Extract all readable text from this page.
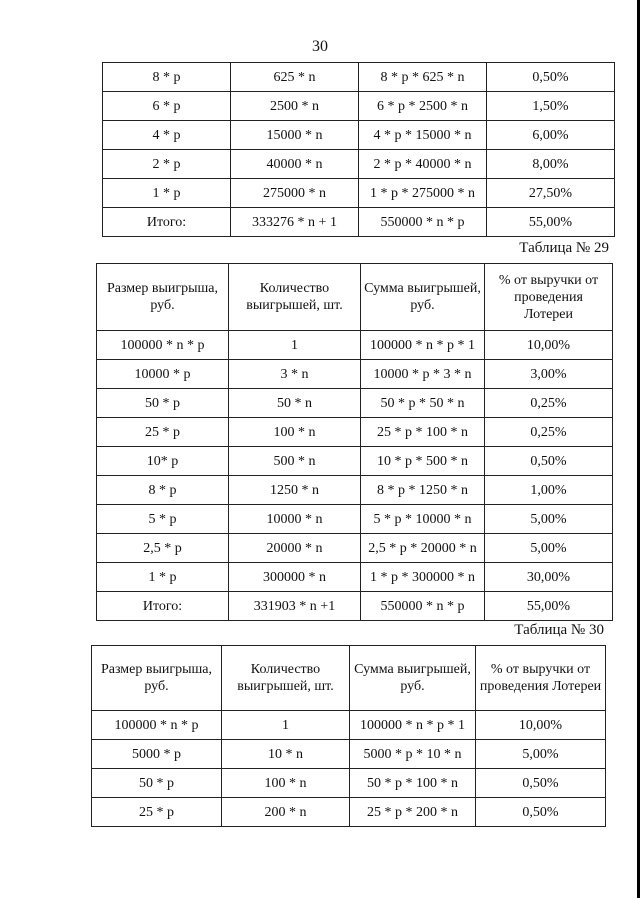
30
8 * p	625 * n	8 * p * 625 * n	0,50%
6 * p	2500 * n	6 * p * 2500 * n	1,50%
4 * p	15000 * n	4 * p * 15000 * n	6,00%
2 * p	40000 * n	2 * p * 40000 * n	8,00%
1 * p	275000 * n	1 * p * 275000 * n	27,50%
Итого:	333276 * n + 1	550000 * n * p	55,00%
Таблица № 29
Размер выигрыша, руб.	Количество выигрышей, шт.	Сумма выигрышей, руб.	% от выручки от проведения Лотереи
100000 * n * p	1	100000 * n * p * 1	10,00%
10000 * p	3 * n	10000 * p * 3 * n	3,00%
50 * p	50 * n	50 * p * 50 * n	0,25%
25 * p	100 * n	25 * p * 100 * n	0,25%
10* p	500 * n	10 * p * 500 * n	0,50%
8 * p	1250 * n	8 * p * 1250 * n	1,00%
5 * p	10000 * n	5 * p * 10000 * n	5,00%
2,5 * p	20000 * n	2,5 * p * 20000 * n	5,00%
1 * p	300000 * n	1 * p * 300000 * n	30,00%
Итого:	331903 * n +1	550000 * n * p	55,00%
Таблица № 30
Размер выигрыша, руб.	Количество выигрышей, шт.	Сумма выигрышей, руб.	% от выручки от проведения Лотереи
100000 * n * p	1	100000 * n * p * 1	10,00%
5000 * p	10 * n	5000 * p * 10 * n	5,00%
50 * p	100 * n	50 * p * 100 * n	0,50%
25 * p	200 * n	25 * p * 200 * n	0,50%
